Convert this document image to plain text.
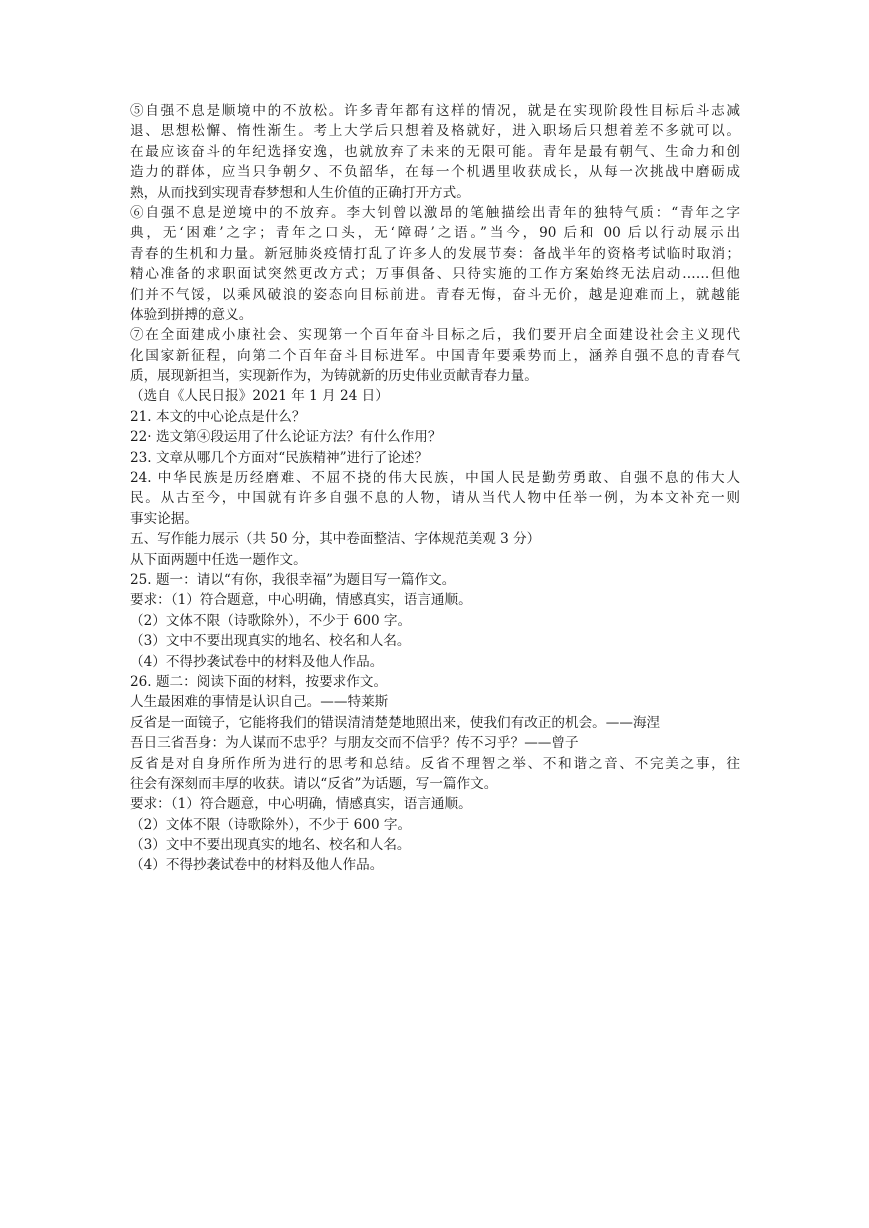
⑤自强不息是顺境中的不放松。许多青年都有这样的情况，就是在实现阶段性目标后斗志减
退、思想松懈、惰性渐生。考上大学后只想着及格就好，进入职场后只想着差不多就可以。
在最应该奋斗的年纪选择安逸，也就放弃了未来的无限可能。青年是最有朝气、生命力和创
造力的群体，应当只争朝夕、不负韶华，在每一个机遇里收获成长，从每一次挑战中磨砺成
熟，从而找到实现青春梦想和人生价值的正确打开方式。
⑥自强不息是逆境中的不放弃。李大钊曾以激昂的笔触描绘出青年的独特气质：“青年之字
典，无‘困难’之字；青年之口头，无‘障碍’之语。”当今，90 后和 00 后以行动展示出
青春的生机和力量。新冠肺炎疫情打乱了许多人的发展节奏：备战半年的资格考试临时取消；
精心准备的求职面试突然更改方式；万事俱备、只待实施的工作方案始终无法启动……但他
们并不气馁，以乘风破浪的姿态向目标前进。青春无悔，奋斗无价，越是迎难而上，就越能
体验到拼搏的意义。
⑦在全面建成小康社会、实现第一个百年奋斗目标之后，我们要开启全面建设社会主义现代
化国家新征程，向第二个百年奋斗目标进军。中国青年要乘势而上，涵养自强不息的青春气
质，展现新担当，实现新作为，为铸就新的历史伟业贡献青春力量。
（选自《人民日报》2021 年 1 月 24 日）
21. 本文的中心论点是什么？
22· 选文第④段运用了什么论证方法？有什么作用？
23. 文章从哪几个方面对“民族精神”进行了论述？
24. 中华民族是历经磨难、不屈不挠的伟大民族，中国人民是勤劳勇敢、自强不息的伟大人
民。从古至今，中国就有许多自强不息的人物，请从当代人物中任举一例，为本文补充一则
事实论据。
五、写作能力展示（共 50 分，其中卷面整洁、字体规范美观 3 分）
从下面两题中任选一题作文。
25. 题一：请以“有你，我很幸福”为题目写一篇作文。
要求：（1）符合题意，中心明确，情感真实，语言通顺。
（2）文体不限（诗歌除外），不少于 600 字。
（3）文中不要出现真实的地名、校名和人名。
（4）不得抄袭试卷中的材料及他人作品。
26. 题二：阅读下面的材料，按要求作文。
人生最困难的事情是认识自己。——特莱斯
反省是一面镜子，它能将我们的错误清清楚楚地照出来，使我们有改正的机会。——海涅
吾日三省吾身：为人谋而不忠乎？与朋友交而不信乎？传不习乎？——曾子
反省是对自身所作所为进行的思考和总结。反省不理智之举、不和谐之音、不完美之事，往
往会有深刻而丰厚的收获。请以“反省”为话题，写一篇作文。
要求：（1）符合题意，中心明确，情感真实，语言通顺。
（2）文体不限（诗歌除外），不少于 600 字。
（3）文中不要出现真实的地名、校名和人名。
（4）不得抄袭试卷中的材料及他人作品。
